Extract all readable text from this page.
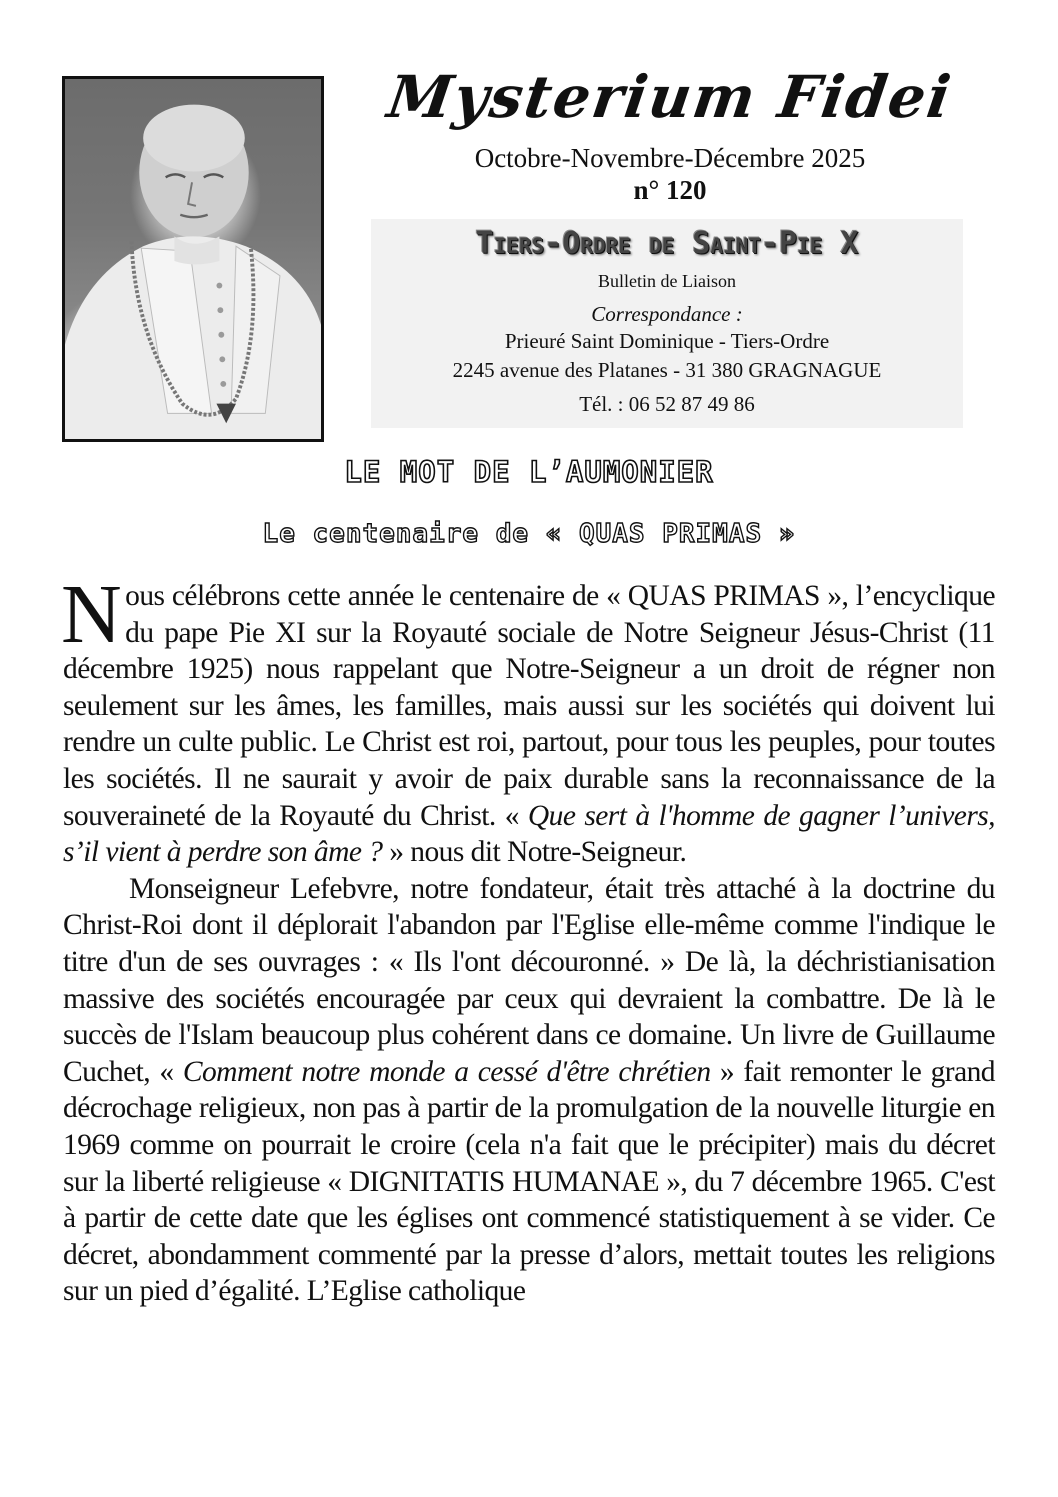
Mysterium Fidei
Octobre-Novembre-Décembre 2025
n° 120
Tiers-Ordre de Saint-Pie X
Bulletin de Liaison
Correspondance :
Prieuré Saint Dominique - Tiers-Ordre
2245 avenue des Platanes - 31 380 GRAGNAGUE
Tél. : 06 52 87 49 86
LE MOT DE L’AUMONIER
Le centenaire de « QUAS PRIMAS »

Nous célébrons cette année le centenaire de « QUAS PRIMAS », l’encyclique du pape Pie XI sur la Royauté sociale de Notre Seigneur Jésus-Christ (11 décembre 1925) nous rappelant que Notre-Seigneur a un droit de régner non seulement sur les âmes, les familles, mais aussi sur les sociétés qui doivent lui rendre un culte public. Le Christ est roi, partout, pour tous les peuples, pour toutes les sociétés. Il ne saurait y avoir de paix durable sans la reconnaissance de la souveraineté de la Royauté du Christ. « Que sert à l'homme de gagner l’univers, s’il vient à perdre son âme ? » nous dit Notre-Seigneur.

Monseigneur Lefebvre, notre fondateur, était très attaché à la doctrine du Christ-Roi dont il déplorait l'abandon par l'Eglise elle-même comme l'indique le titre d'un de ses ouvrages : « Ils l'ont découronné. » De là, la déchristianisation massive des sociétés encouragée par ceux qui devraient la combattre. De là le succès de l'Islam beaucoup plus cohérent dans ce domaine. Un livre de Guillaume Cuchet, « Comment notre monde a cessé d'être chrétien » fait remonter le grand décrochage religieux, non pas à partir de la promulgation de la nouvelle liturgie en 1969 comme on pourrait le croire (cela n'a fait que le précipiter) mais du décret sur la liberté religieuse « DIGNITATIS HUMANAE », du 7 décembre 1965. C'est à partir de cette date que les églises ont commencé statistiquement à se vider. Ce décret, abondamment commenté par la presse d’alors, mettait toutes les religions sur un pied d’égalité. L’Eglise catholique
